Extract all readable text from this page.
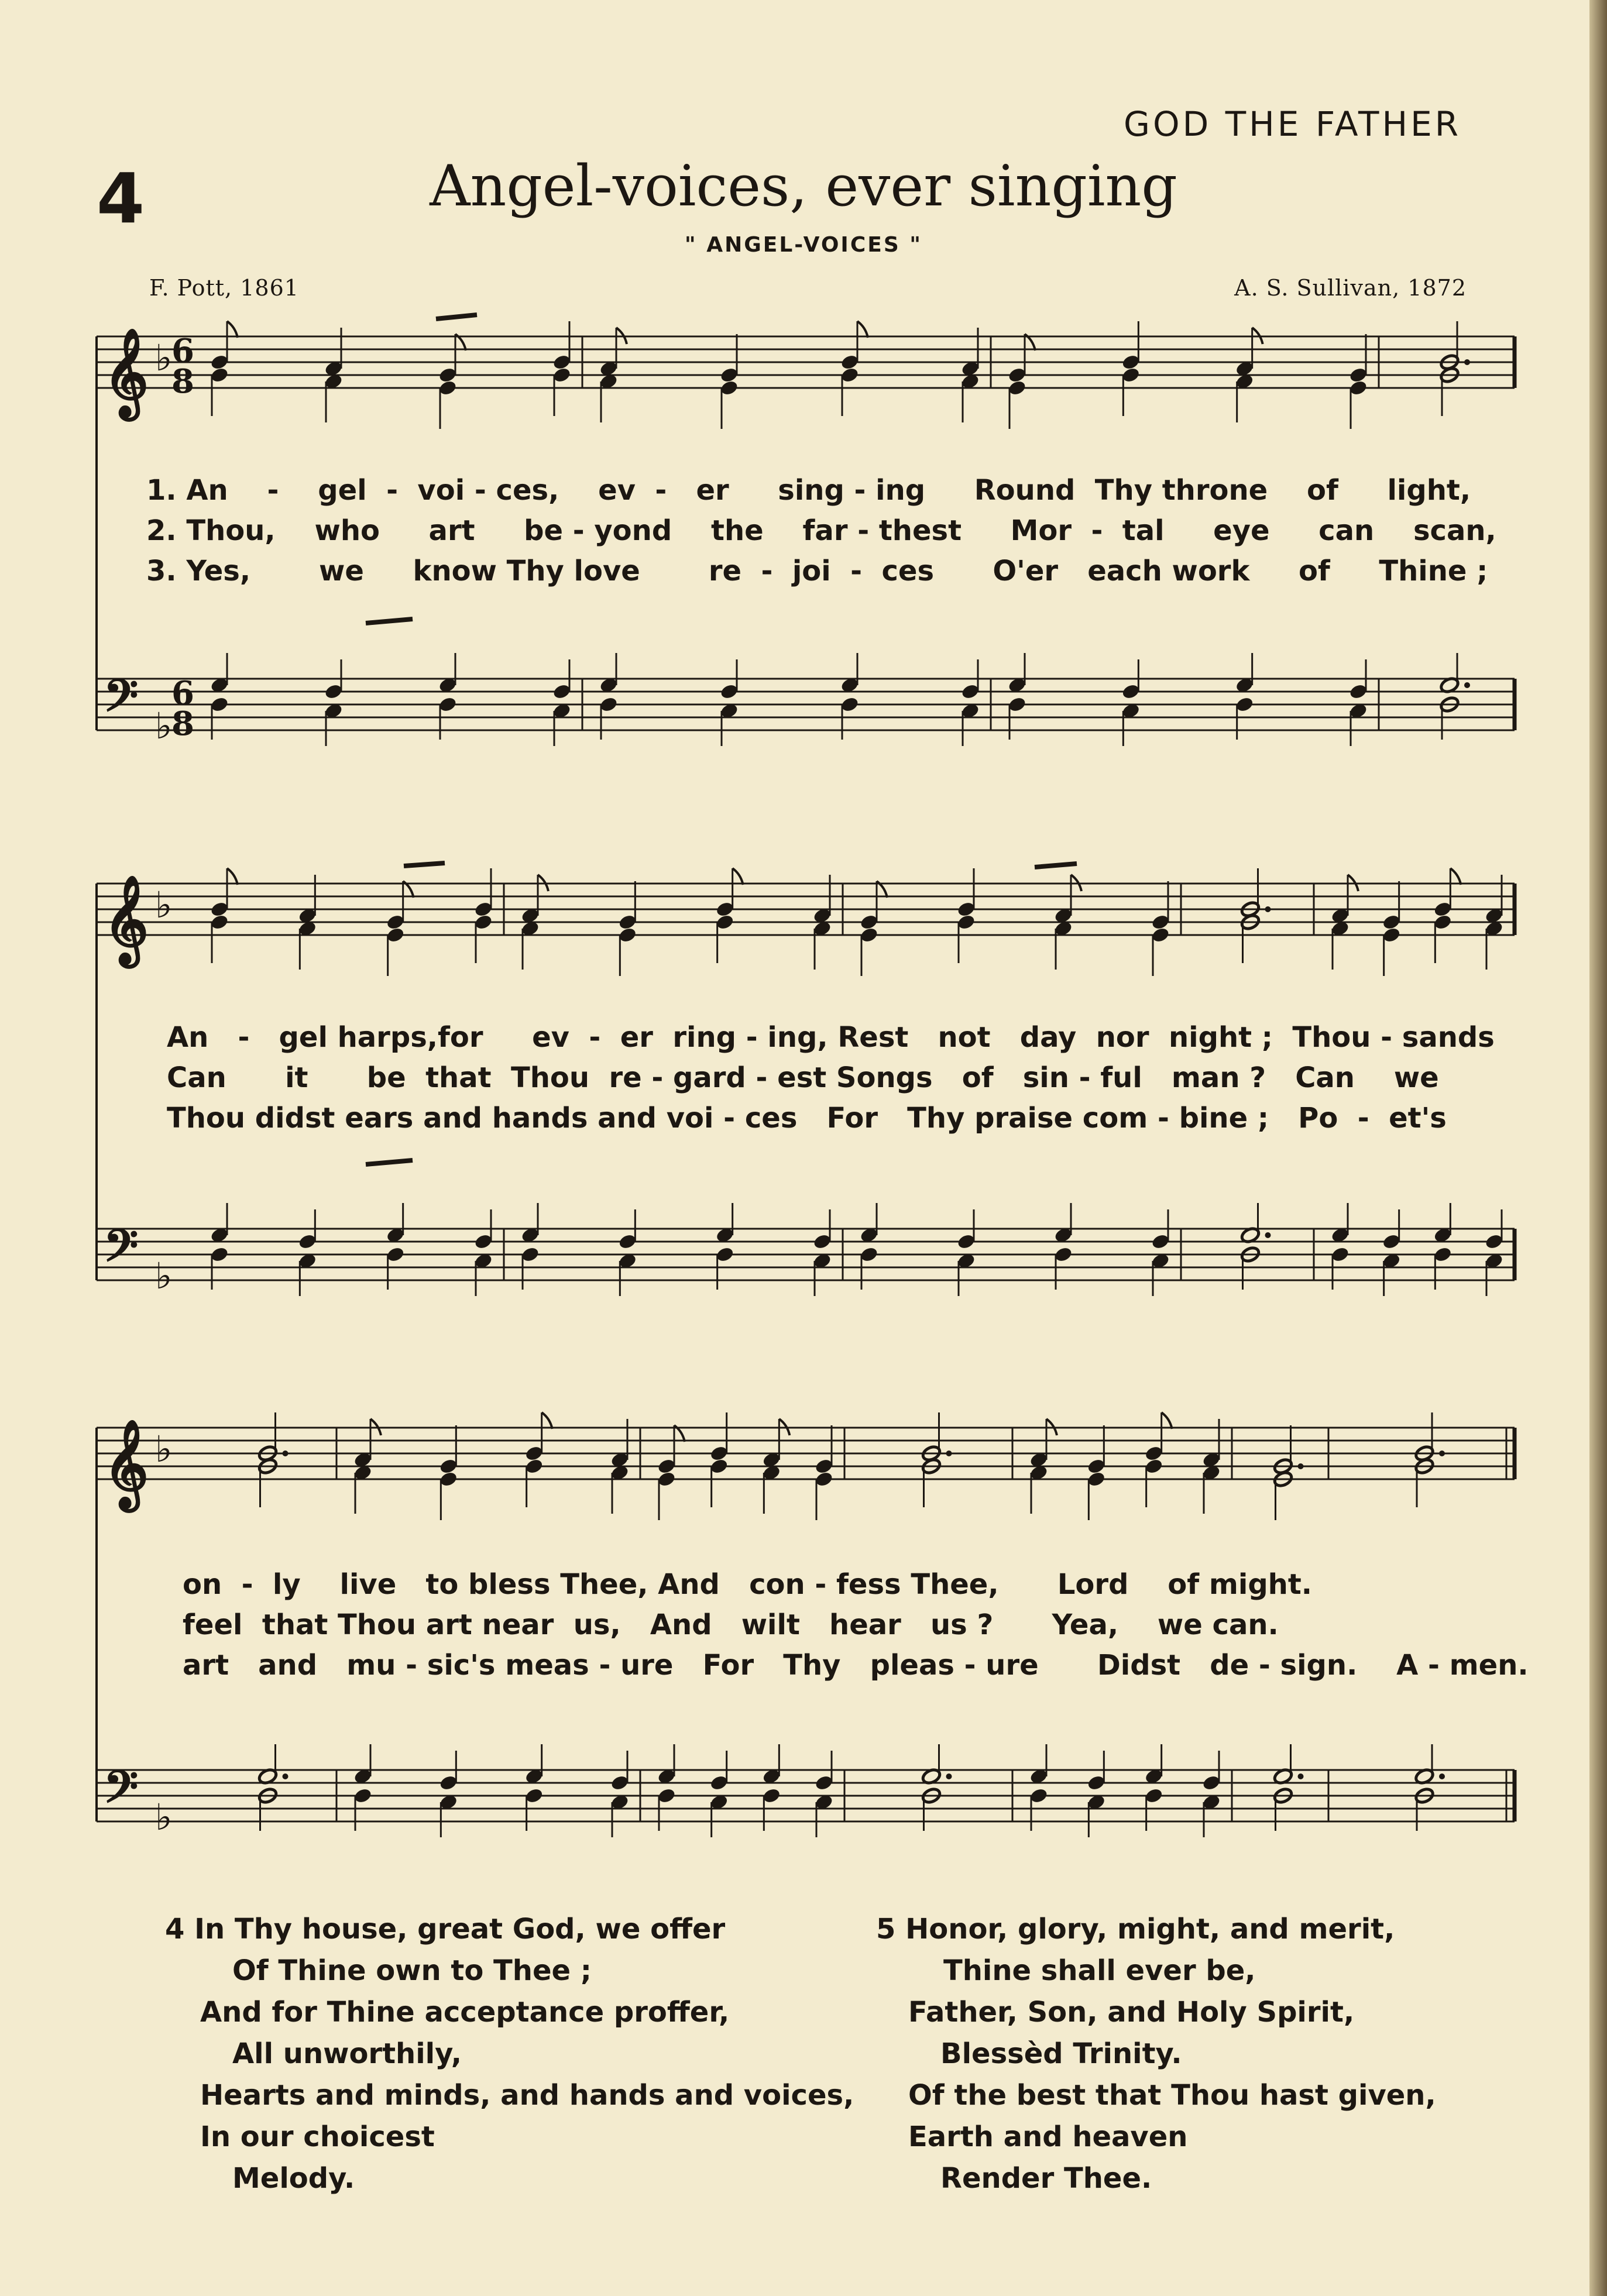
GOD THE FATHER
4	Angel-voices, ever singing
" ANGEL-VOICES "
F. Pott, 1861	A. S. Sullivan, 1872
𝄞
𝄢
♭
♭
6
8
6
8
𝄞
𝄢
♭
♭
𝄞
𝄢
♭
♭
1. An - gel - voi - ces, ev - er sing - ing Round Thy throne of light,
2. Thou, who art be - yond the far - thest Mor - tal eye can scan,
3. Yes, we know Thy love re - joi - ces O'er each work of Thine ;
An - gel harps,for ev - er ring - ing, Rest not day nor night ; Thou - sands
Can it be that Thou re - gard - est Songs of sin - ful man ? Can we
Thou didst ears and hands and voi - ces For Thy praise com - bine ; Po - et's
on - ly live to bless Thee, And con - fess Thee, Lord of might.
feel that Thou art near us, And wilt hear us ? Yea, we can.
art and mu - sic's meas - ure For Thy pleas - ure Didst de - sign. A - men.
4 In Thy house, great God, we offer
Of Thine own to Thee ;
And for Thine acceptance proffer,
All unworthily,
Hearts and minds, and hands and voices,
In our choicest
Melody.
5 Honor, glory, might, and merit,
Thine shall ever be,
Father, Son, and Holy Spirit,
Blessèd Trinity.
Of the best that Thou hast given,
Earth and heaven
Render Thee.
